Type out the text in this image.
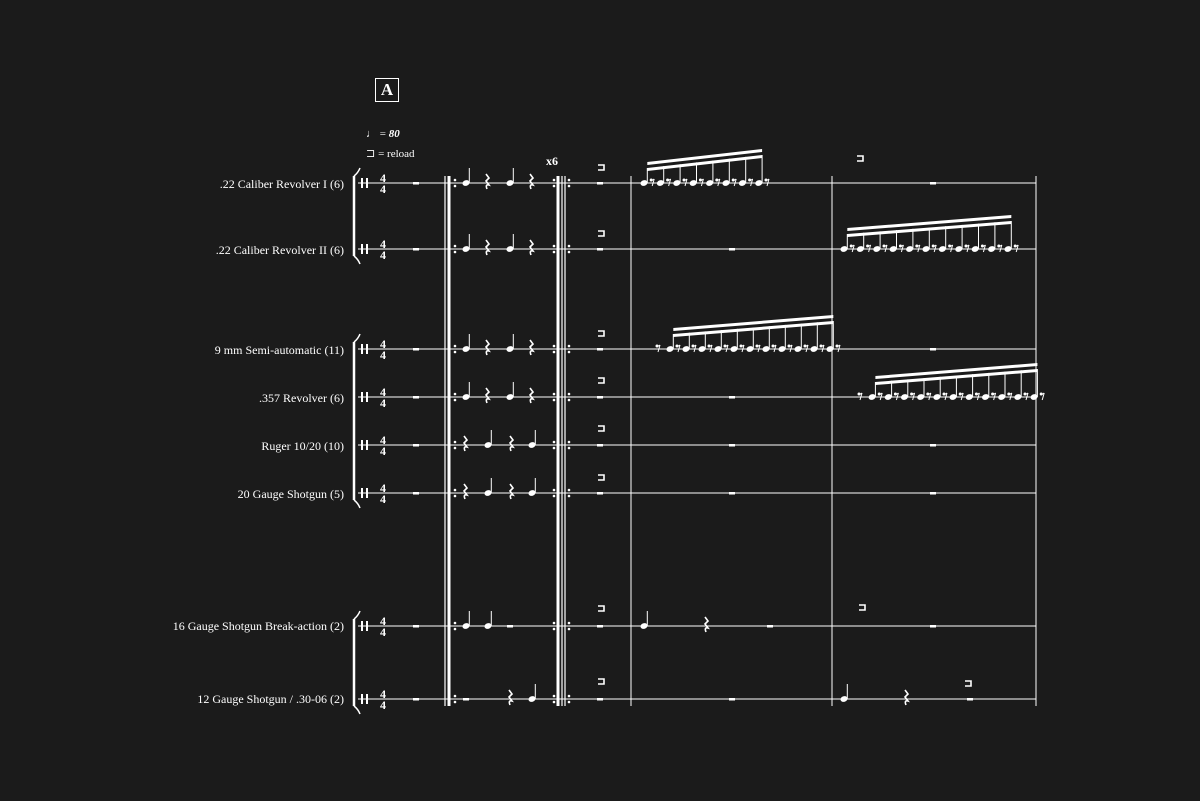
A
♩ = 80
⊐ = reload	x6
.22 Caliber Revolver I (6)
.22 Caliber Revolver II (6)
9 mm Semi-automatic (11)
.357 Revolver (6)
Ruger 10/20 (10)
20 Gauge Shotgun (5)
16 Gauge Shotgun Break-action (2)
12 Gauge Shotgun / .30-06 (2)
4
4
4
4
4
4
4
4
4
4
4
4
4
4
4
4
